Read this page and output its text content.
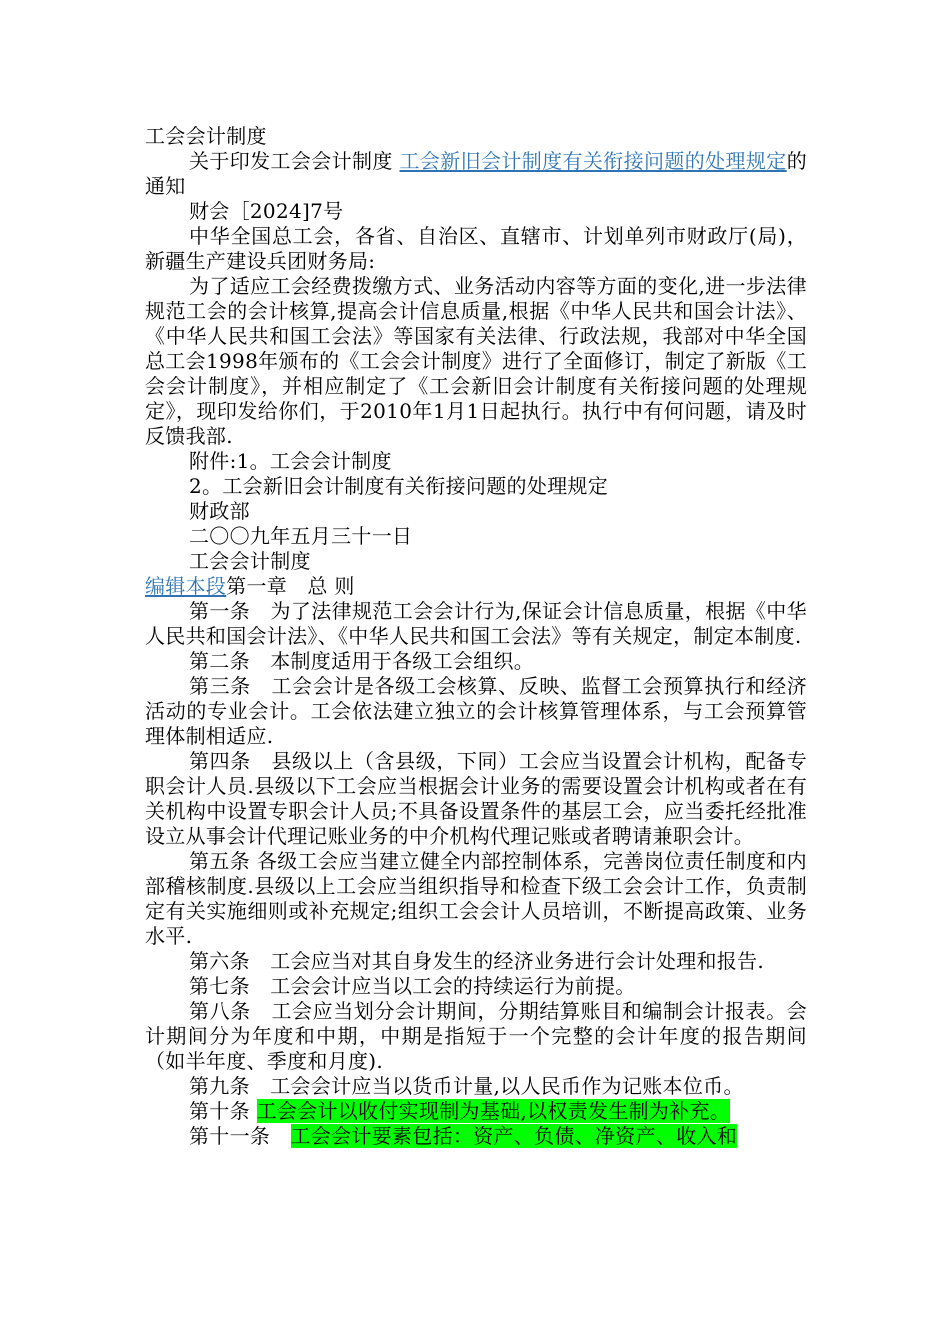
工会会计制度

关于印发工会会计制度 工会新旧会计制度有关衔接问题的处理规定的通知

财会［2024]7号

中华全国总工会，各省、自治区、直辖市、计划单列市财政厅(局)，新疆生产建设兵团财务局:

为了适应工会经费拨缴方式、业务活动内容等方面的变化,进一步法律规范工会的会计核算,提高会计信息质量,根据《中华人民共和国会计法》、《中华人民共和国工会法》等国家有关法律、行政法规，我部对中华全国总工会1998年颁布的《工会会计制度》进行了全面修订，制定了新版《工会会计制度》，并相应制定了《工会新旧会计制度有关衔接问题的处理规定》，现印发给你们，于2010年1月1日起执行。执行中有何问题，请及时反馈我部.

附件:1。工会会计制度

2。工会新旧会计制度有关衔接问题的处理规定

财政部

二〇〇九年五月三十一日

工会会计制度

编辑本段第一章　总 则

第一条　为了法律规范工会会计行为,保证会计信息质量，根据《中华人民共和国会计法》、《中华人民共和国工会法》等有关规定，制定本制度.

第二条　本制度适用于各级工会组织。

第三条　工会会计是各级工会核算、反映、监督工会预算执行和经济活动的专业会计。工会依法建立独立的会计核算管理体系，与工会预算管理体制相适应.

第四条　县级以上（含县级，下同）工会应当设置会计机构，配备专职会计人员.县级以下工会应当根据会计业务的需要设置会计机构或者在有关机构中设置专职会计人员;不具备设置条件的基层工会，应当委托经批准设立从事会计代理记账业务的中介机构代理记账或者聘请兼职会计。

第五条 各级工会应当建立健全内部控制体系，完善岗位责任制度和内部稽核制度.县级以上工会应当组织指导和检查下级工会会计工作，负责制定有关实施细则或补充规定;组织工会会计人员培训，不断提高政策、业务水平.

第六条　工会应当对其自身发生的经济业务进行会计处理和报告.

第七条　工会会计应当以工会的持续运行为前提。

第八条　工会应当划分会计期间，分期结算账目和编制会计报表。会计期间分为年度和中期，中期是指短于一个完整的会计年度的报告期间（如半年度、季度和月度).

第九条　工会会计应当以货币计量,以人民币作为记账本位币。

第十条 工会会计以收付实现制为基础,以权责发生制为补充。

第十一条　工会会计要素包括：资产、负债、净资产、收入和
